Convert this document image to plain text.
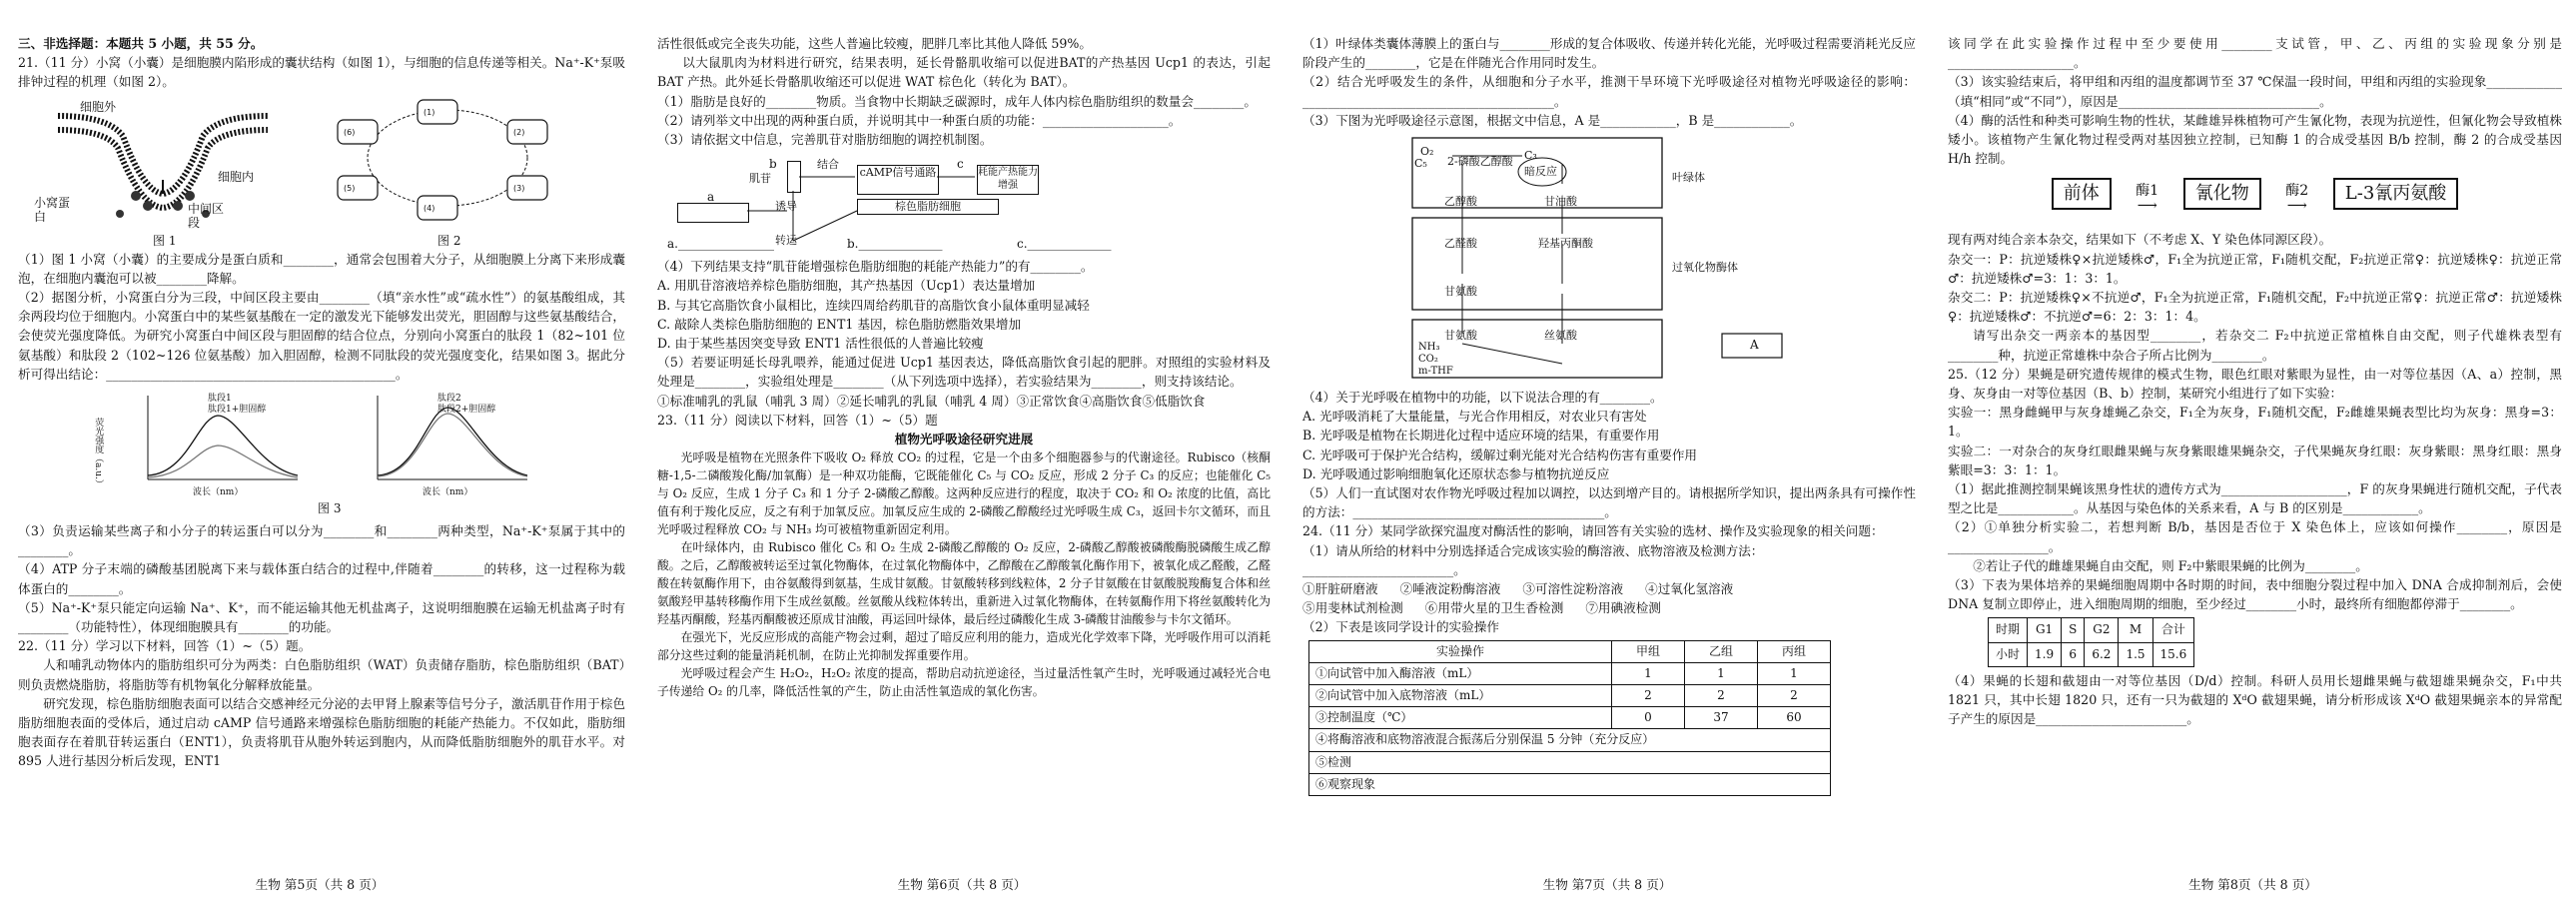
三、非选择题：本题共 5 小题，共 55 分。

21.（11 分）小窝（小囊）是细胞膜内陷形成的囊状结构（如图 1），与细胞的信息传递等相关。Na⁺-K⁺泵吸排钟过程的机理（如图 2）。

细胞外
细胞内
小窝蛋白
中间区段
图 1
(1)
(2)
(3)
(4)
(5)
(6)
图 2

（1）图 1 小窝（小囊）的主要成分是蛋白质和________，通常会包围着大分子，从细胞膜上分离下来形成囊泡，在细胞内囊泡可以被________降解。

（2）据图分析，小窝蛋白分为三段，中间区段主要由________（填“亲水性”或“疏水性”）的氨基酸组成，其余两段均位于细胞内。小窝蛋白中的某些氨基酸在一定的激发光下能够发出荧光，胆固醇与这些氨基酸结合，会使荧光强度降低。为研究小窝蛋白中间区段与胆固醇的结合位点，分别向小窝蛋白的肽段 1（82~101 位氨基酸）和肽段 2（102~126 位氨基酸）加入胆固醇，检测不同肽段的荧光强度变化，结果如图 3。据此分析可得出结论：______________________________________________。

肽段1
肽段1+胆固醇
波长（nm）
荧光强度（a.u.）
肽段2
肽段2+胆固醇
波长（nm）
图 3

（3）负责运输某些离子和小分子的转运蛋白可以分为________和________两种类型，Na⁺-K⁺泵属于其中的________。

（4）ATP 分子末端的磷酸基团脱离下来与载体蛋白结合的过程中,伴随着________的转移，这一过程称为载体蛋白的________。

（5）Na⁺-K⁺泵只能定向运输 Na⁺、K⁺，而不能运输其他无机盐离子，这说明细胞膜在运输无机盐离子时有________（功能特性），体现细胞膜具有________的功能。

22.（11 分）学习以下材料，回答（1）~（5）题。

人和哺乳动物体内的脂肪组织可分为两类：白色脂肪组织（WAT）负责储存脂肪，棕色脂肪组织（BAT）则负责燃烧脂肪，将脂肪等有机物氧化分解释放能量。

研究发现，棕色脂肪细胞表面可以结合交感神经元分泌的去甲肾上腺素等信号分子，激活肌苷作用于棕色脂肪细胞表面的受体后，通过启动 cAMP 信号通路来增强棕色脂肪细胞的耗能产热能力。不仅如此，脂肪细胞表面存在着肌苷转运蛋白（ENT1），负责将肌苷从胞外转运到胞内，从而降低脂肪细胞外的肌苷水平。对 895 人进行基因分析后发现，ENT1

生物 第5页（共 8 页）

活性很低或完全丧失功能，这些人普遍比较瘦，肥胖几率比其他人降低 59%。

以大鼠肌肉为材料进行研究，结果表明，延长骨骼肌收缩可以促进BAT的产热基因 Ucp1 的表达，引起 BAT 产热。此外延长骨骼肌收缩还可以促进 WAT 棕色化（转化为 BAT）。

（1）脂肪是良好的________物质。当食物中长期缺乏碳源时，成年人体内棕色脂肪组织的数量会________。

（2）请列举文中出现的两种蛋白质，并说明其中一种蛋白质的功能：____________________。

（3）请依据文中信息，完善肌苷对脂肪细胞的调控机制图。

a
b
肌苷
结合
诱导
转运
cAMP信号通路
棕色脂肪细胞
耗能产热能力增强
c
a.________________	b.______________	c.______________

（4）下列结果支持“肌苷能增强棕色脂肪细胞的耗能产热能力”的有________。

A. 用肌苷溶液培养棕色脂肪细胞，其产热基因（Ucp1）表达量增加

B. 与其它高脂饮食小鼠相比，连续四周给药肌苷的高脂饮食小鼠体重明显减轻

C. 敲除人类棕色脂肪细胞的 ENT1 基因，棕色脂肪燃脂效果增加

D. 由于某些基因突变导致 ENT1 活性很低的人普遍比较瘦

（5）若要证明延长母乳喂养，能通过促进 Ucp1 基因表达，降低高脂饮食引起的肥胖。对照组的实验材料及处理是________，实验组处理是________（从下列选项中选择），若实验结果为________，则支持该结论。

①标准哺乳的乳鼠（哺乳 3 周）②延长哺乳的乳鼠（哺乳 4 周）③正常饮食④高脂饮食⑤低脂饮食

23.（11 分）阅读以下材料，回答（1）~（5）题

植物光呼吸途径研究进展

光呼吸是植物在光照条件下吸收 O₂ 释放 CO₂ 的过程，它是一个由多个细胞器参与的代谢途径。Rubisco（核酮糖-1,5-二磷酸羧化酶/加氧酶）是一种双功能酶，它既能催化 C₅ 与 CO₂ 反应，形成 2 分子 C₃ 的反应；也能催化 C₅ 与 O₂ 反应，生成 1 分子 C₃ 和 1 分子 2-磷酸乙醇酸。这两种反应进行的程度，取决于 CO₂ 和 O₂ 浓度的比值，高比值有利于羧化反应，反之有利于加氧反应。加氧反应生成的 2-磷酸乙醇酸经过光呼吸生成 C₃，返回卡尔文循环，而且光呼吸过程释放 CO₂ 与 NH₃ 均可被植物重新固定利用。

在叶绿体内，由 Rubisco 催化 C₅ 和 O₂ 生成 2-磷酸乙醇酸的 O₂ 反应，2-磷酸乙醇酸被磷酸酶脱磷酸生成乙醇酸。之后，乙醇酸被转运至过氧化物酶体，在过氧化物酶体中，乙醇酸在乙醇酸氧化酶作用下，被氧化成乙醛酸，乙醛酸在转氨酶作用下，由谷氨酸得到氨基，生成甘氨酸。甘氨酸转移到线粒体，2 分子甘氨酸在甘氨酸脱羧酶复合体和丝氨酸羟甲基转移酶作用下生成丝氨酸。丝氨酸从线粒体转出，重新进入过氧化物酶体，在转氨酶作用下将丝氨酸转化为羟基丙酮酸，羟基丙酮酸被还原成甘油酸，再运回叶绿体，最后经过磷酸化生成 3-磷酸甘油酸参与卡尔文循环。

在强光下，光反应形成的高能产物会过剩，超过了暗反应利用的能力，造成光化学效率下降，光呼吸作用可以消耗部分这些过剩的能量消耗机制，在防止光抑制发挥重要作用。

光呼吸过程会产生 H₂O₂，H₂O₂ 浓度的提高，帮助启动抗逆途径，当过量活性氧产生时，光呼吸通过减轻光合电子传递给 O₂ 的几率，降低活性氧的产生，防止由活性氧造成的氧化伤害。

生物 第6页（共 8 页）

（1）叶绿体类囊体薄膜上的蛋白与________形成的复合体吸收、传递并转化光能，光呼吸过程需要消耗光反应阶段产生的________，它是在伴随光合作用同时发生。

（2）结合光呼吸发生的条件，从细胞和分子水平，推测干旱环境下光呼吸途径对植物光呼吸途径的影响：________________________________________。

（3）下图为光呼吸途径示意图，根据文中信息，A 是____________，B 是____________。

O₂
C₅ 2-磷酸乙醇酸
暗反应
C₃
乙醇酸	甘油酸
叶绿体
乙醛酸
甘氨酸
羟基丙酮酸
过氧化物酶体
甘氨酸	丝氨酸
NH₃
CO₂
m-THF
A

（4）关于光呼吸在植物中的功能，以下说法合理的有________。

A. 光呼吸消耗了大量能量，与光合作用相反，对农业只有害处

B. 光呼吸是植物在长期进化过程中适应环境的结果，有重要作用

C. 光呼吸可于保护光合结构，缓解过剩光能对光合结构伤害有重要作用

D. 光呼吸通过影响细胞氧化还原状态参与植物抗逆反应

（5）人们一直试图对农作物光呼吸过程加以调控，以达到增产目的。请根据所学知识，提出两条具有可操作性的方法：________________________________________。

24.（11 分）某同学欲探究温度对酶活性的影响，请回答有关实验的选材、操作及实验现象的相关问题：

（1）请从所给的材料中分别选择适合完成该实验的酶溶液、底物溶液及检测方法：

________________________。

①肝脏研磨液 ②唾液淀粉酶溶液 ③可溶性淀粉溶液 ④过氧化氢溶液

⑤用斐林试剂检测 ⑥用带火星的卫生香检测 ⑦用碘液检测

（2）下表是该同学设计的实验操作

实验操作	甲组	乙组	丙组
①向试管中加入酶溶液（mL）	1	1	1
②向试管中加入底物溶液（mL）	2	2	2
③控制温度（℃）	0	37	60
④将酶溶液和底物溶液混合振荡后分别保温 5 分钟（充分反应）			
⑤检测			
⑥观察现象			
生物 第7页（共 8 页）

该同学在此实验操作过程中至少要使用________支试管，甲、乙、丙组的实验现象分别是____________________。

（3）该实验结束后，将甲组和丙组的温度都调节至 37 ℃保温一段时间，甲组和丙组的实验现象____________（填“相同”或“不同”），原因是________________________________。

（4）酶的活性和种类可影响生物的性状，某雌雄异株植物可产生氰化物，表现为抗逆性，但氰化物会导致植株矮小。该植物产生氰化物过程受两对基因独立控制，已知酶 1 的合成受基因 B/b 控制，酶 2 的合成受基因 H/h 控制。

前体	酶1
⟶
氰化物	酶2
⟶
L-3氰丙氨酸

现有两对纯合亲本杂交，结果如下（不考虑 X、Y 染色体同源区段）。

杂交一：P：抗逆矮株♀×抗逆矮株♂，F₁全为抗逆正常，F₁随机交配，F₂抗逆正常♀：抗逆矮株♀：抗逆正常♂：抗逆矮株♂=3：1：3：1。

杂交二：P：抗逆矮株♀×不抗逆♂，F₁全为抗逆正常，F₁随机交配，F₂中抗逆正常♀：抗逆正常♂：抗逆矮株♀：抗逆矮株♂：不抗逆♂=6：2：3：1：4。

请写出杂交一两亲本的基因型________，若杂交二 F₂中抗逆正常植株自由交配，则子代雄株表型有________种，抗逆正常雄株中杂合子所占比例为________。

25.（12 分）果蝇是研究遗传规律的模式生物，眼色红眼对紫眼为显性，由一对等位基因（A、a）控制，黑身、灰身由一对等位基因（B、b）控制，某研究小组进行了如下实验：

实验一：黑身雌蝇甲与灰身雄蝇乙杂交，F₁全为灰身，F₁随机交配，F₂雌雄果蝇表型比均为灰身：黑身=3：1。

实验二：一对杂合的灰身红眼雌果蝇与灰身紫眼雄果蝇杂交，子代果蝇灰身红眼：灰身紫眼：黑身红眼：黑身紫眼=3：3：1：1。

（1）据此推测控制果蝇该黑身性状的遗传方式为____________________，F 的灰身果蝇进行随机交配，子代表型之比是____________。从基因与染色体的关系来看，A 与 B 的区别是____________。

（2）①单独分析实验二，若想判断 B/b，基因是否位于 X 染色体上，应该如何操作________，原因是________________。

②若让子代的雌雄果蝇自由交配，则 F₂中紫眼果蝇的比例为________。

（3）下表为果体培养的果蝇细胞周期中各时期的时间，表中细胞分裂过程中加入 DNA 合成抑制剂后，会使 DNA 复制立即停止，进入细胞周期的细胞，至少经过________小时，最终所有细胞都停滞于________。

时期	G1	S	G2	M	合计
小时	1.9	6	6.2	1.5	15.6

（4）果蝇的长翅和截翅由一对等位基因（D/d）控制。科研人员用长翅雌果蝇与截翅雄果蝇杂交，F₁中共 1821 只，其中长翅 1820 只，还有一只为截翅的 XᵈO 截翅果蝇，请分析形成该 XᵈO 截翅果蝇亲本的异常配子产生的原因是________________________。

生物 第8页（共 8 页）
